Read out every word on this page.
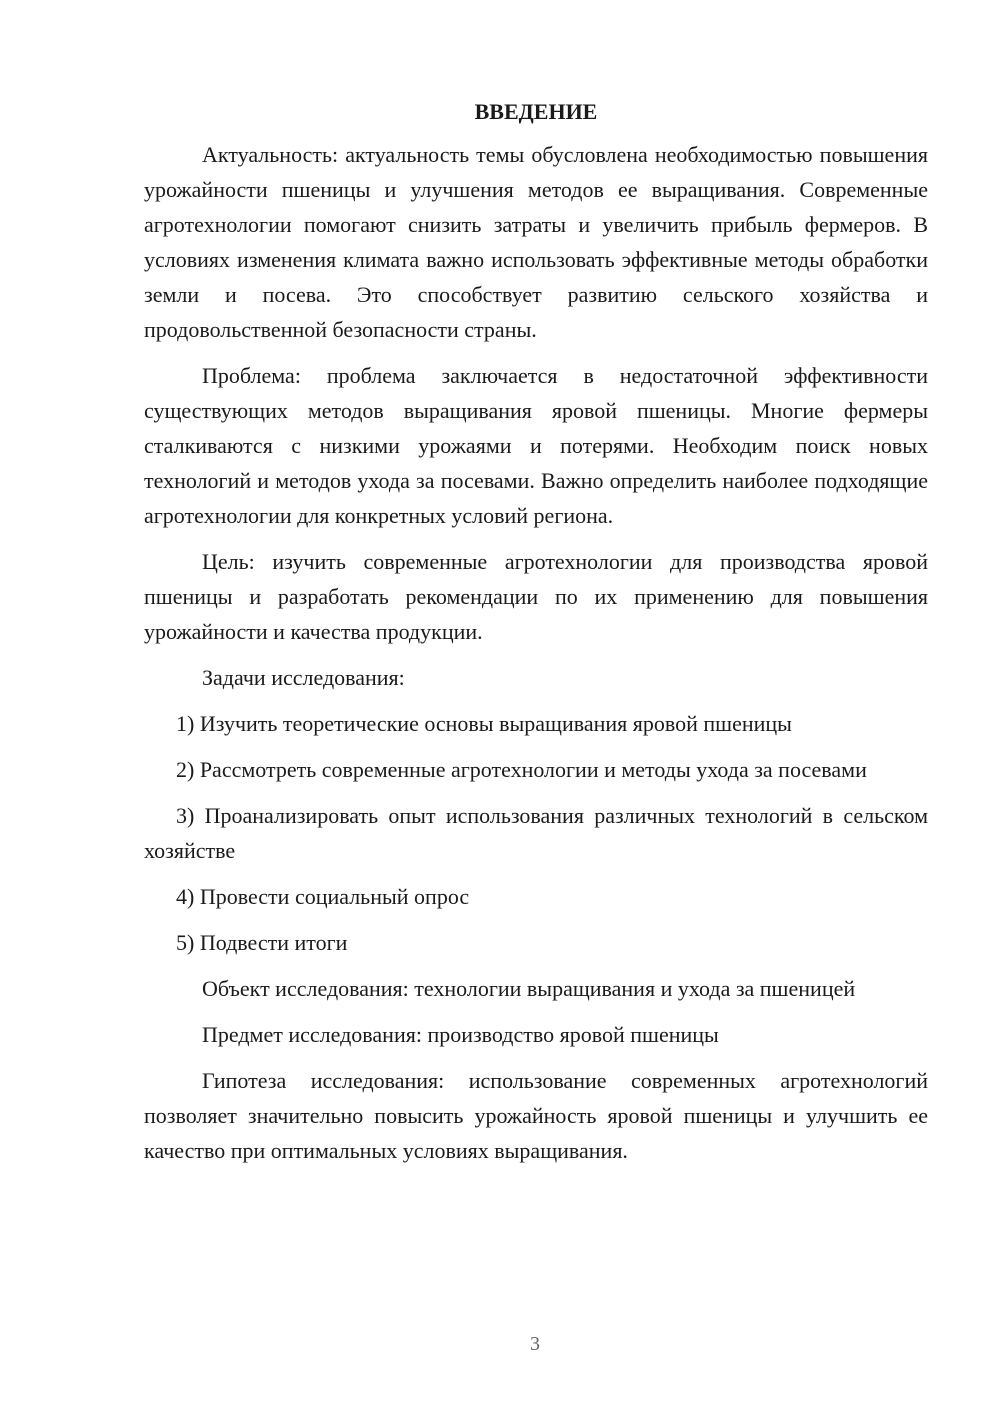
ВВЕДЕНИЕ

Актуальность: актуальность темы обусловлена необходимостью повышения урожайности пшеницы и улучшения методов ее выращивания. Современные агротехнологии помогают снизить затраты и увеличить прибыль фермеров. В условиях изменения климата важно использовать эффективные методы обработки земли и посева. Это способствует развитию сельского хозяйства и продовольственной безопасности страны.

Проблема: проблема заключается в недостаточной эффективности существующих методов выращивания яровой пшеницы. Многие фермеры сталкиваются с низкими урожаями и потерями. Необходим поиск новых технологий и методов ухода за посевами. Важно определить наиболее подходящие агротехнологии для конкретных условий региона.

Цель: изучить современные агротехнологии для производства яровой пшеницы и разработать рекомендации по их применению для повышения урожайности и качества продукции.

Задачи исследования:

1) Изучить теоретические основы выращивания яровой пшеницы

2) Рассмотреть современные агротехнологии и методы ухода за посевами

3) Проанализировать опыт использования различных технологий в сельском хозяйстве

4) Провести социальный опрос

5) Подвести итоги

Объект исследования: технологии выращивания и ухода за пшеницей

Предмет исследования: производство яровой пшеницы

Гипотеза исследования: использование современных агротехнологий позволяет значительно повысить урожайность яровой пшеницы и улучшить ее качество при оптимальных условиях выращивания.

3
